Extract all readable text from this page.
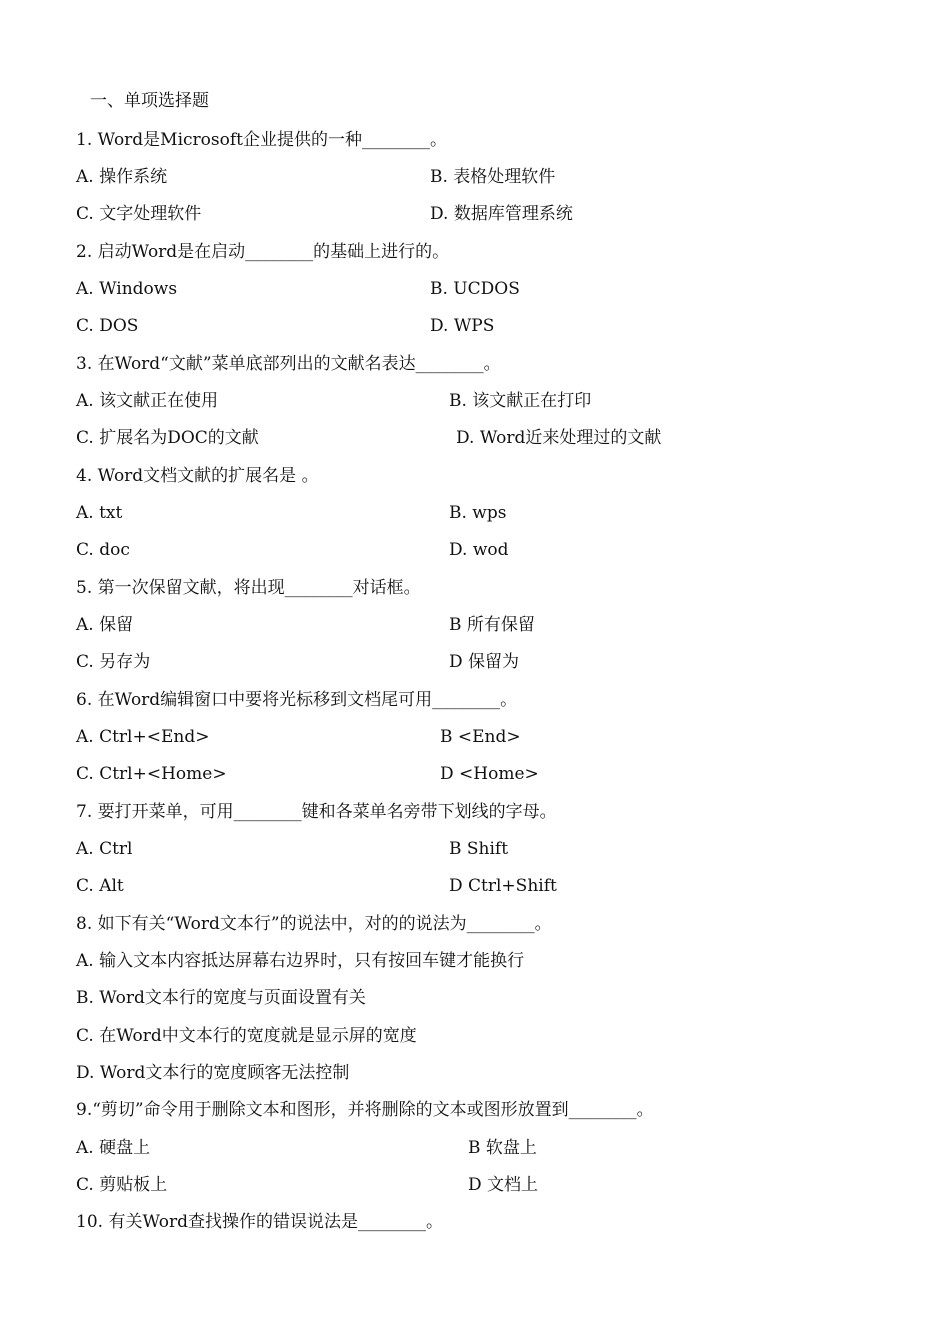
一、单项选择题
1. Word是Microsoft企业提供的一种________。
A. 操作系统	B. 表格处理软件
C. 文字处理软件	D. 数据库管理系统
2. 启动Word是在启动________的基础上进行的。
A. Windows	B. UCDOS
C. DOS	D. WPS
3. 在Word“文献”菜单底部列出的文献名表达________。
A. 该文献正在使用	B. 该文献正在打印
C. 扩展名为DOC的文献	D. Word近来处理过的文献
4. Word文档文献的扩展名是 。
A. txt	B. wps
C. doc	D. wod
5. 第一次保留文献，将出现________对话框。
A. 保留	B 所有保留
C. 另存为	D 保留为
6. 在Word编辑窗口中要将光标移到文档尾可用________。
A. Ctrl+<End>	B <End>
C. Ctrl+<Home>	D <Home>
7. 要打开菜单，可用________键和各菜单名旁带下划线的字母。
A. Ctrl	B Shift
C. Alt	D Ctrl+Shift
8. 如下有关“Word文本行”的说法中，对的的说法为________。
A. 输入文本内容抵达屏幕右边界时，只有按回车键才能换行
B. Word文本行的宽度与页面设置有关
C. 在Word中文本行的宽度就是显示屏的宽度
D. Word文本行的宽度顾客无法控制
9.“剪切”命令用于删除文本和图形，并将删除的文本或图形放置到________。
A. 硬盘上	B 软盘上
C. 剪贴板上	D 文档上
10. 有关Word查找操作的错误说法是________。
